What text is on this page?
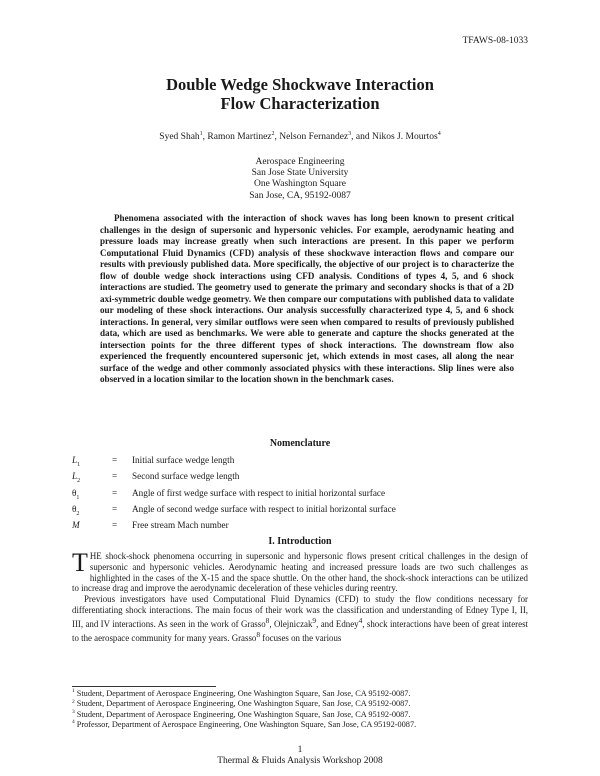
TFAWS-08-1033
Double Wedge Shockwave Interaction
Flow Characterization
Syed Shah$^1$, Ramon Martinez$^2$, Nelson Fernandez$^3$, and Nikos J. Mourtos$^4$
Aerospace Engineering
San Jose State University
One Washington Square
San Jose, CA, 95192-0087

Phenomena associated with the interaction of shock waves has long been known to present critical challenges in the design of supersonic and hypersonic vehicles. For example, aerodynamic heating and pressure loads may increase greatly when such interactions are present. In this paper we perform Computational Fluid Dynamics (CFD) analysis of these shockwave interaction flows and compare our results with previously published data. More specifically, the objective of our project is to characterize the flow of double wedge shock interactions using CFD analysis. Conditions of types 4, 5, and 6 shock interactions are studied. The geometry used to generate the primary and secondary shocks is that of a 2D axi-symmetric double wedge geometry. We then compare our computations with published data to validate our modeling of these shock interactions. Our analysis successfully characterized type 4, 5, and 6 shock interactions. In general, very similar outflows were seen when compared to results of previously published data, which are used as benchmarks. We were able to generate and capture the shocks generated at the intersection points for the three different types of shock interactions. The downstream flow also experienced the frequently encountered supersonic jet, which extends in most cases, all along the near surface of the wedge and other commonly associated physics with these interactions. Slip lines were also observed in a location similar to the location shown in the benchmark cases.

Nomenclature
$L_1$	=	Initial surface wedge length
$L_2$	=	Second surface wedge length
$\theta_1$	=	Angle of first wedge surface with respect to initial horizontal surface
$\theta_2$	=	Angle of second wedge surface with respect to initial horizontal surface
M	=	Free stream Mach number
I. Introduction

THE shock-shock phenomena occurring in supersonic and hypersonic flows present critical challenges in the design of supersonic and hypersonic vehicles. Aerodynamic heating and increased pressure loads are two such challenges as highlighted in the cases of the X-15 and the space shuttle. On the other hand, the shock-shock interactions can be utilized to increase drag and improve the aerodynamic deceleration of these vehicles during reentry.

Previous investigators have used Computational Fluid Dynamics (CFD) to study the flow conditions necessary for differentiating shock interactions. The main focus of their work was the classification and understanding of Edney Type I, II, III, and IV interactions. As seen in the work of Grasso$^8$, Olejniczak$^9$, and Edney$^4$, shock interactions have been of great interest to the aerospace community for many years. Grasso$^8$ focuses on the various

$^1$ Student, Department of Aerospace Engineering, One Washington Square, San Jose, CA 95192-0087.
$^2$ Student, Department of Aerospace Engineering, One Washington Square, San Jose, CA 95192-0087.
$^3$ Student, Department of Aerospace Engineering, One Washington Square, San Jose, CA 95192-0087.
$^4$ Professor, Department of Aerospace Engineering, One Washington Square, San Jose, CA 95192-0087.
1
Thermal & Fluids Analysis Workshop 2008
